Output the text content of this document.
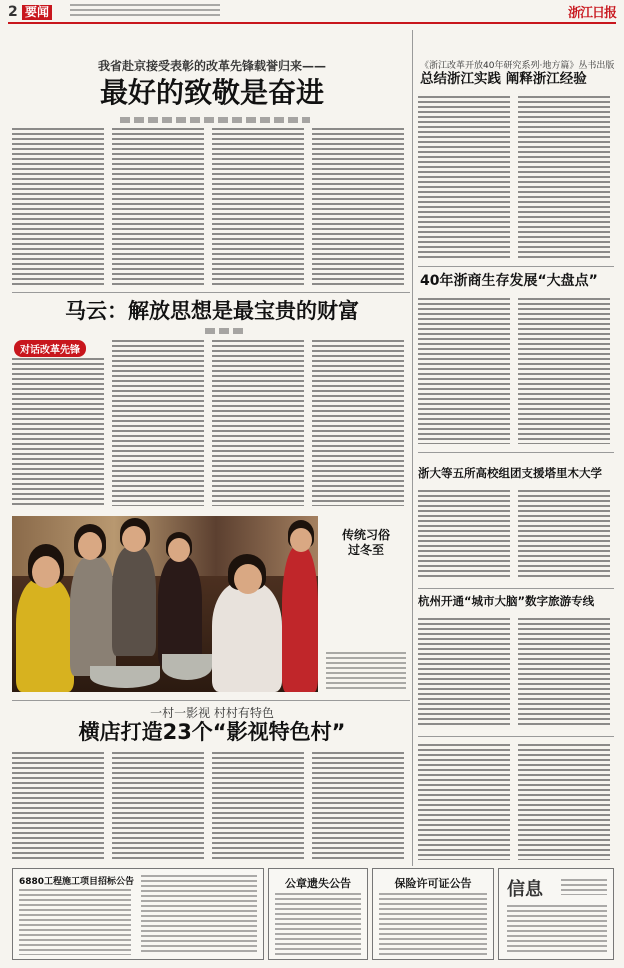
2 要闻	浙江日报
我省赴京接受表彰的改革先锋载誉归来——
最好的致敬是奋进
马云：解放思想是最宝贵的财富
对话改革先锋
传统习俗
过冬至
一村一影视 村村有特色
横店打造23个“影视特色村”
《浙江改革开放40年研究系列·地方篇》丛书出版
总结浙江实践 阐释浙江经验
40年浙商生存发展“大盘点”
浙大等五所高校组团支援塔里木大学
杭州开通“城市大脑”数字旅游专线
6880工程施工项目招标公告	公章遗失公告	保险许可证公告	信息
